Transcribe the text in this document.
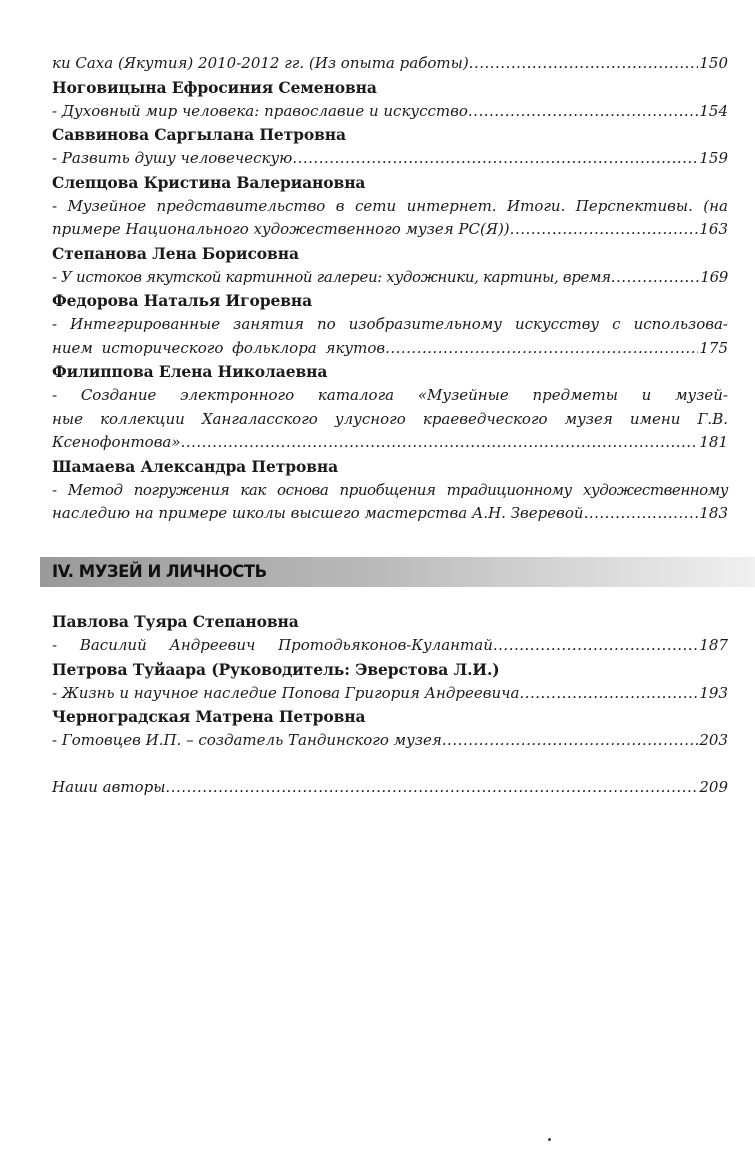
ки Саха (Якутия) 2010-2012 гг. (Из опыта работы) .....	150
Ноговицына Ефросиния Семеновна
- Духовный мир человека: православие и искусство .....	154
Саввинова Саргылана Петровна
- Развить душу человеческую .....	159
Слепцова Кристина Валериановна
- Музейное представительство в сети интернет. Итоги. Перспективы. (на
примере Национального художественного музея РС(Я)) .....	163
Степанова Лена Борисовна
- У истоков якутской картинной галереи: художники, картины, время .....	169
Федорова Наталья Игоревна
- Интегрированные занятия по изобразительному искусству с использова-
нием исторического фольклора якутов .....	175
Филиппова Елена Николаевна
- Создание электронного каталога «Музейные предметы и музей-
ные коллекции Хангаласского улусного краеведческого музея имени Г.В.
Ксенофонтова» .....	181
Шамаева Александра Петровна
- Метод погружения как основа приобщения традиционному художественному
наследию на примере школы высшего мастерства А.Н. Зверевой .....	183
IV. МУЗЕЙ И ЛИЧНОСТЬ
Павлова Туяра Степановна
- Василий Андреевич Протодьяконов-Кулантай .....	187
Петрова Туйаара (Руководитель: Эверстова Л.И.)
- Жизнь и научное наследие Попова Григория Андреевича .....	193
Черноградская Матрена Петровна
- Готовцев И.П. – создатель Тандинского музея .....	203
Наши авторы .....	209
